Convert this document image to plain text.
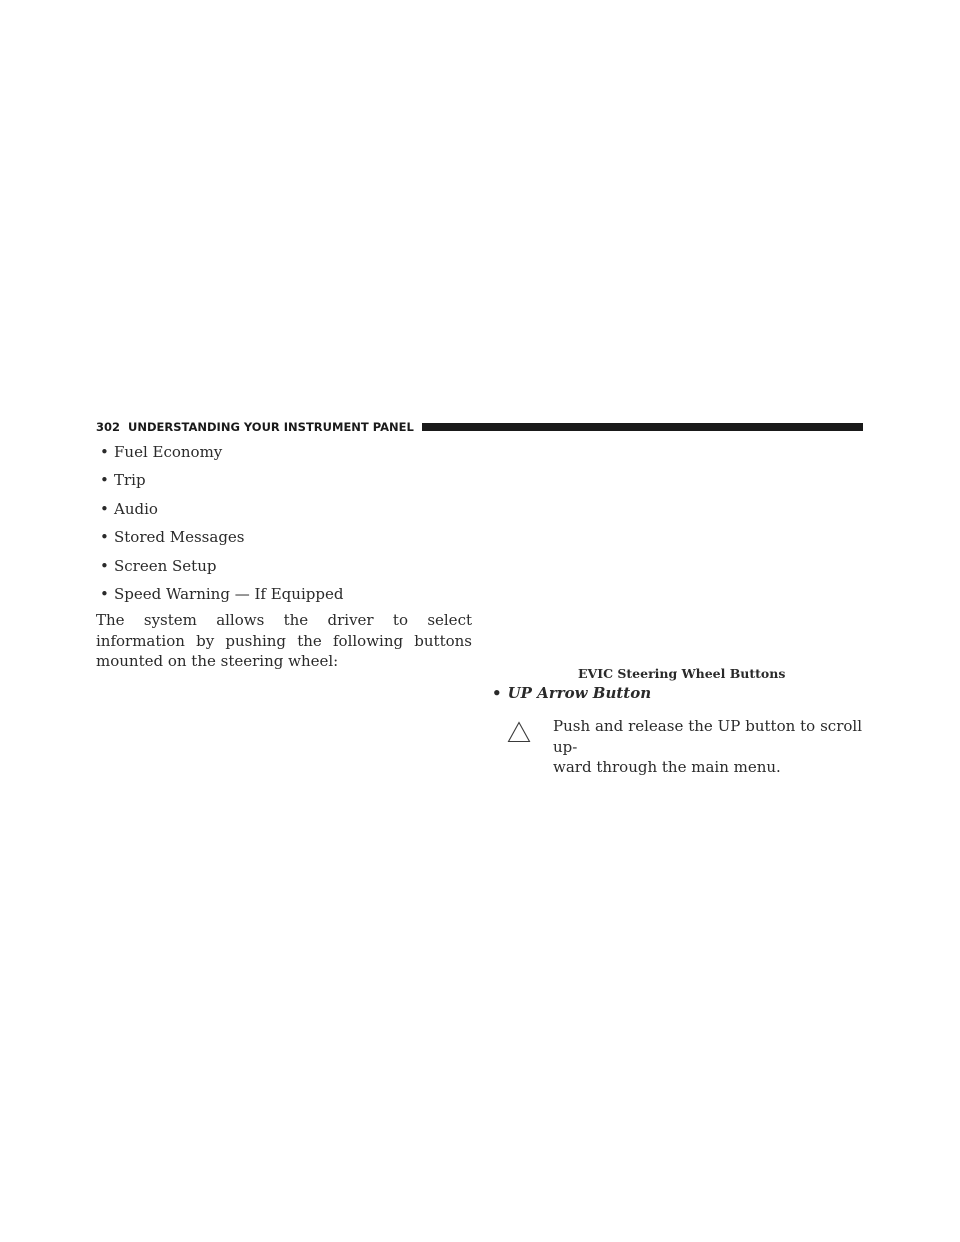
302 UNDERSTANDING YOUR INSTRUMENT PANEL
• Fuel Economy
• Trip
• Audio
• Stored Messages
• Screen Setup
• Speed Warning — If Equipped

The system allows the driver to select information by pushing the following buttons mounted on the steering wheel:

EVIC Steering Wheel Buttons
• UP Arrow Button

Push and release the UP button to scroll up-
ward through the main menu.
